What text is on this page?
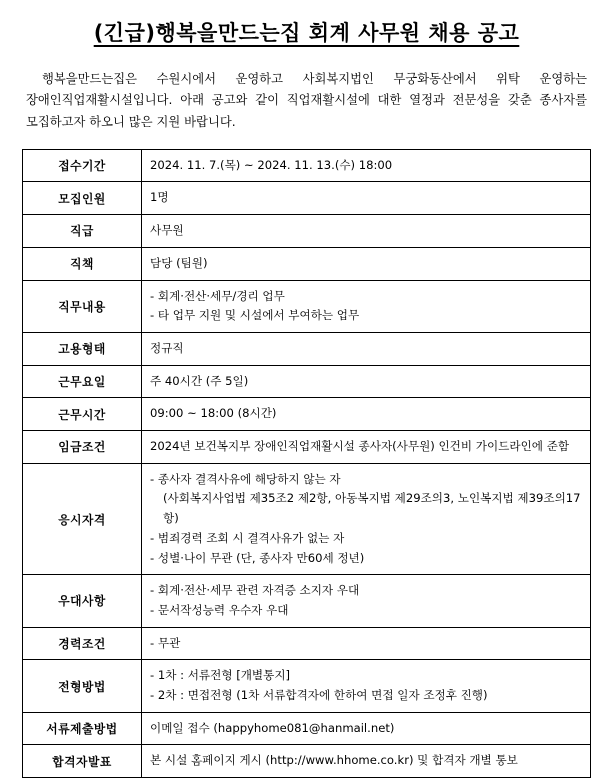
(긴급)행복을만드는집 회계 사무원 채용 공고

행복을만드는집은 수원시에서 운영하고 사회복지법인 무궁화동산에서 위탁 운영하는 장애인직업재활시설입니다. 아래 공고와 같이 직업재활시설에 대한 열정과 전문성을 갖춘 종사자를 모집하고자 하오니 많은 지원 바랍니다.

접수기간	2024. 11. 7.(목) ~ 2024. 11. 13.(수) 18:00

모집인원	1명

직급	사무원

직책	담당 (팀원)

직무내용	- 회계·전산·세무/경리 업무
- 타 업무 지원 및 시설에서 부여하는 업무

고용형태	정규직

근무요일	주 40시간 (주 5일)

근무시간	09:00 ~ 18:00 (8시간)

임금조건	2024년 보건복지부 장애인직업재활시설 종사자(사무원) 인건비 가이드라인에 준함

응시자격	- 종사자 결격사유에 해당하지 않는 자
(사회복지사업법 제35조2 제2항, 아동복지법 제29조의3, 노인복지법 제39조의17항)
- 범죄경력 조회 시 결격사유가 없는 자
- 성별·나이 무관 (단, 종사자 만60세 정년)

우대사항	- 회계·전산·세무 관련 자격증 소지자 우대
- 문서작성능력 우수자 우대

경력조건	- 무관

전형방법	- 1차 : 서류전형 [개별통지]
- 2차 : 면접전형 (1차 서류합격자에 한하여 면접 일자 조정후 진행)

서류제출방법	이메일 접수 (happyhome081@hanmail.net)

합격자발표	본 시설 홈페이지 게시 (http://www.hhome.co.kr) 및 합격자 개별 통보
